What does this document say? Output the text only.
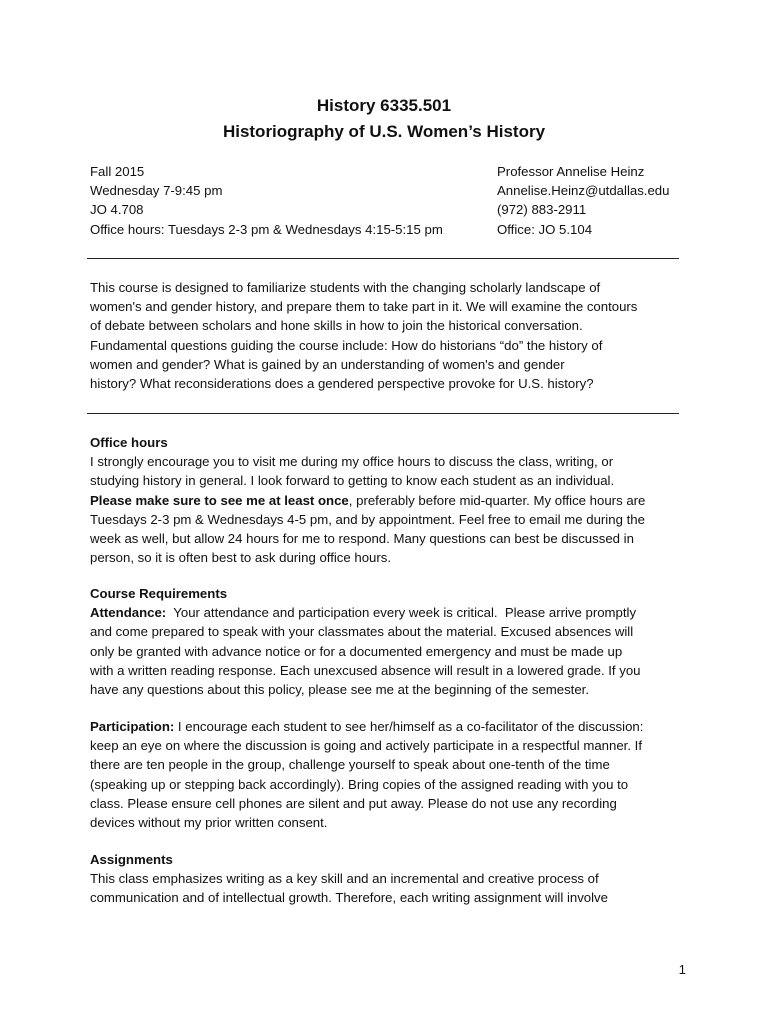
History 6335.501
Historiography of U.S. Women’s History
Fall 2015
Wednesday 7-9:45 pm
JO 4.708
Office hours: Tuesdays 2-3 pm & Wednesdays 4:15-5:15 pm
Professor Annelise Heinz
Annelise.Heinz@utdallas.edu
(972) 883-2911
Office: JO 5.104
This course is designed to familiarize students with the changing scholarly landscape of
women's and gender history, and prepare them to take part in it. We will examine the contours
of debate between scholars and hone skills in how to join the historical conversation.
Fundamental questions guiding the course include: How do historians “do” the history of
women and gender? What is gained by an understanding of women's and gender
history? What reconsiderations does a gendered perspective provoke for U.S. history?
Office hours
I strongly encourage you to visit me during my office hours to discuss the class, writing, or
studying history in general. I look forward to getting to know each student as an individual.
Please make sure to see me at least once, preferably before mid-quarter. My office hours are
Tuesdays 2-3 pm & Wednesdays 4-5 pm, and by appointment. Feel free to email me during the
week as well, but allow 24 hours for me to respond. Many questions can best be discussed in
person, so it is often best to ask during office hours.
Course Requirements
Attendance:  Your attendance and participation every week is critical.  Please arrive promptly
and come prepared to speak with your classmates about the material. Excused absences will
only be granted with advance notice or for a documented emergency and must be made up
with a written reading response. Each unexcused absence will result in a lowered grade. If you
have any questions about this policy, please see me at the beginning of the semester.
Participation: I encourage each student to see her/himself as a co-facilitator of the discussion:
keep an eye on where the discussion is going and actively participate in a respectful manner. If
there are ten people in the group, challenge yourself to speak about one-tenth of the time
(speaking up or stepping back accordingly). Bring copies of the assigned reading with you to
class. Please ensure cell phones are silent and put away. Please do not use any recording
devices without my prior written consent.
Assignments
This class emphasizes writing as a key skill and an incremental and creative process of
communication and of intellectual growth. Therefore, each writing assignment will involve
1
